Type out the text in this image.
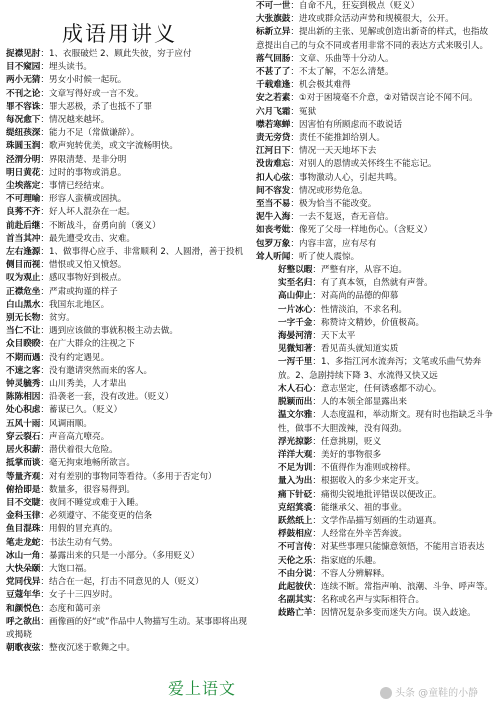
成语用讲义
捉襟见肘：1、衣服破烂 2、顾此失彼，穷于应付
目不窥园：埋头读书。
两小无猜：男女小时候一起玩。
不刊之论：文章写得好或一言不发。
罪不容诛：罪大恶极，杀了也抵不了罪
每况愈下：情况越来越坏。
缇纽孩深：能力不足（常做谦辞）。
珠圆玉润：歌声宛转优美，或文字流畅明快。
泾渭分明：界限清楚、是非分明
明日黄花：过时的事物或消息。
尘埃落定：事情已经结束。
不可理喻：形容人蛮横或固执。
良莠不齐：好人坏人混杂在一起。
前赴后继：不断战斗，奋勇向前（褒义）
首当其冲：最先遭受攻击、灾难。
左右逢源：1、做事得心应手、非常顺利 2、人圆滑，善于投机
侧目而视：惜恨或又怕又愤怒。
叹为观止：感叹事物好到极点。
正襟危坐：严肃或拘谨的样子
白山黑水：我国东北地区。
别无长物：贫穷。
当仁不让：遇到应该做的事就积极主动去做。
众目睽睽：在广大群众的注视之下
不期而遇：没有约定遇见。
不速之客：没有邀请突然而来的客人。
钟灵毓秀：山川秀美，人才辈出
陈陈相因：沿袭老一套，没有改进。（贬义）
处心积虑：蓄谋已久。（贬义）
五风十雨：风调雨顺。
穿云裂石：声音高亢嘹亮。
居火积薪：潜伏着很大危险。
抵掌而谈：毫无拘束地畅所欲言。
等量齐观：对有差别的事物同等看待。（多用于否定句）
俯拾即是：数量多，很容易得到。
目不交睫：夜间不睡觉或难于入睡。
金科玉律：必须遵守、不能变更的信条
鱼目混珠：用假的冒充真的。
笔走龙蛇：书法生动有气势。
冰山一角：暴露出来的只是一小部分。（多用贬义）
大快朵颐：大饱口福。
党同伐异：结合在一起，打击不同意见的人（贬义）
豆蔻年华：女子十三四岁时。
和颜悦色：态度和蔼可亲
呼之欲出：画像画的好“或”作品中人物描写生动。某事即将出现或揭晓
朝歌夜弦：整夜沉迷于歌舞之中。
不可一世：自命不凡，狂妄到极点（贬义）
大张旗鼓：进攻或群众活动声势和规模很大，公开。
标新立异：提出新的主张、见解或创造出新奇的样式，也指故意提出自己的与众不同或者用非常不同的表达方式来吸引人。
落气回肠：文章、乐曲等十分动人。
不甚了了：不太了解，不怎么清楚。
千载难逢：机会极其难得
安之若素：①对于困境毫不介意，②对错误言论不闻不问。
六月飞霜：冤狱
噤若寒蝉：因害怕有所顾虑而不敢说话
责无旁贷：责任不能推卸给别人。
江河日下：情况一天天地坏下去
没齿难忘：对别人的恩情或关怀终生不能忘记。
扣人心弦：事物激动人心，引起共鸣。
间不容发：情况或形势危急。
至当不易：极为恰当不能改变。
泥牛入海：一去不复返，杳无音信。
如丧考妣：像死了父母一样地伤心。（含贬义）
包罗万象：内容丰富，应有尽有
耸人听闻：听了使人震惊。
好整以暇：严整有序，从容不迫。
实至名归：有了真本领，自然就有声誉。
高山仰止：对高尚的品德的仰慕
一片冰心：性情淡泊，不求名利。
一字千金：称赞诗文精妙，价值极高。
海晏河清：天下太平
见微知著：看见苗头就知道实质
一泻千里：1、多指江河水流奔泻；文笔或乐曲气势奔放。2、急剧持续下降 3、水流得又快又远
木人石心：意志坚定，任何诱惑都不动心。
脱颖而出：人的本领全部显露出来
温文尔雅：人态度温和，举动斯文。现有时也指缺乏斗争性，做事不大胆泼辣，没有闯劲。
浮光掠影：任意挑剔，贬义
洋洋大观：美好的事物很多
不足为训：不值得作为准则或榜样。
量入为出：根据收入的多少来定开支。
痛下针砭：痛彻尖锐地批评错误以便改正。
克绍箕裘：能继承父、祖的事业。
跃然纸上：文学作品描写刻画的生动逼真。
桴鼓相应：人经常在外辛苦奔波。
不可言传：对某些事理只能慷意领悟，不能用言语表达
天伦之乐：指家庭的乐趣。
不由分说：不容人分辨解释。
此起彼伏：连续不断。常指声响、浪潮、斗争、呼声等。
名副其实：名称或名声与实际相符合。
歧路亡羊：因情况复杂多变而迷失方向。误入歧途。
爱上语文	头条 @童鞋的小静
